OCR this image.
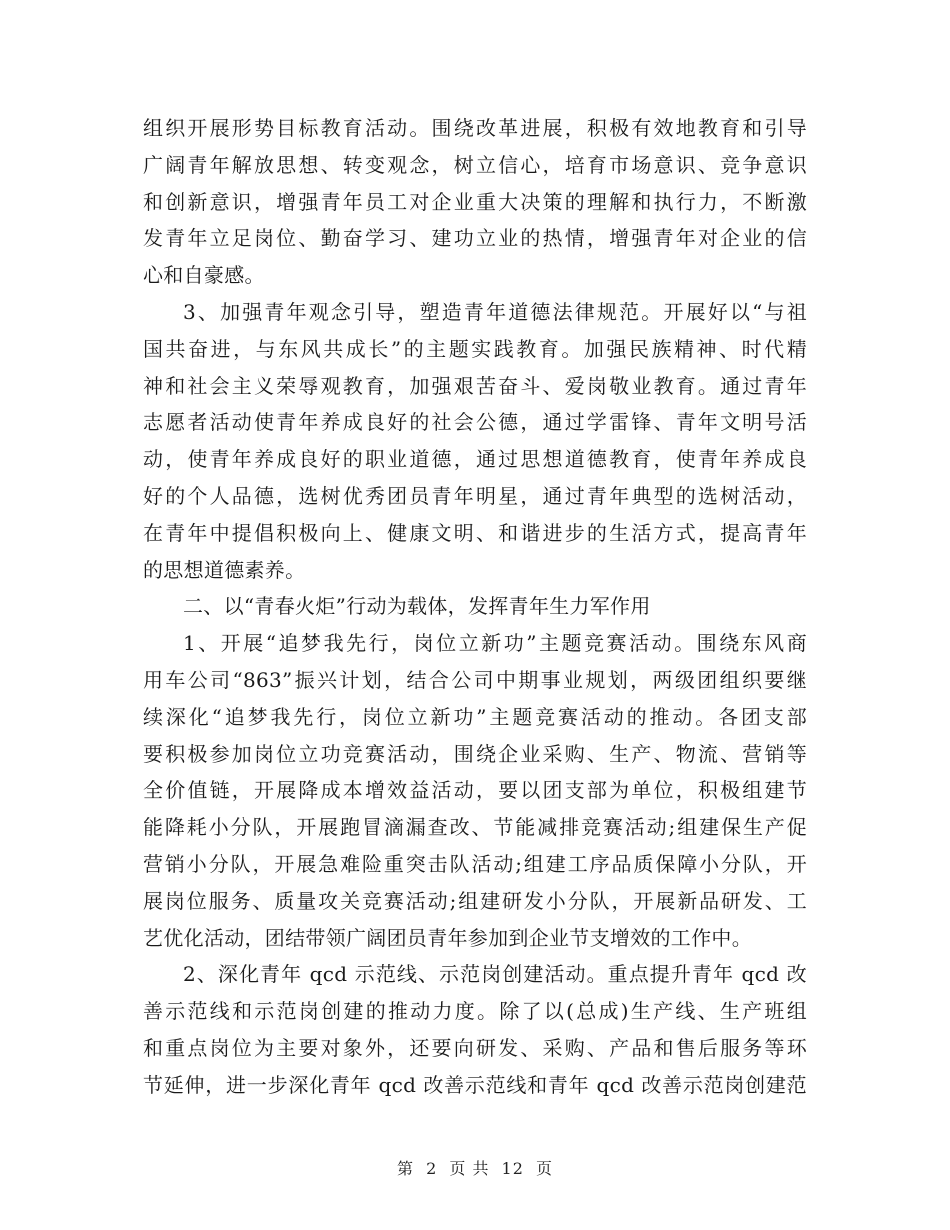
组织开展形势目标教育活动。围绕改革进展，积极有效地教育和引导
广阔青年解放思想、转变观念，树立信心，培育市场意识、竞争意识
和创新意识，增强青年员工对企业重大决策的理解和执行力，不断激
发青年立足岗位、勤奋学习、建功立业的热情，增强青年对企业的信
心和自豪感。
3、加强青年观念引导，塑造青年道德法律规范。开展好以“与祖
国共奋进，与东风共成长”的主题实践教育。加强民族精神、时代精
神和社会主义荣辱观教育，加强艰苦奋斗、爱岗敬业教育。通过青年
志愿者活动使青年养成良好的社会公德，通过学雷锋、青年文明号活
动，使青年养成良好的职业道德，通过思想道德教育，使青年养成良
好的个人品德，选树优秀团员青年明星，通过青年典型的选树活动，
在青年中提倡积极向上、健康文明、和谐进步的生活方式，提高青年
的思想道德素养。
二、以“青春火炬”行动为载体，发挥青年生力军作用
1、开展“追梦我先行，岗位立新功”主题竞赛活动。围绕东风商
用车公司“863”振兴计划，结合公司中期事业规划，两级团组织要继
续深化“追梦我先行，岗位立新功”主题竞赛活动的推动。各团支部
要积极参加岗位立功竞赛活动，围绕企业采购、生产、物流、营销等
全价值链，开展降成本增效益活动，要以团支部为单位，积极组建节
能降耗小分队，开展跑冒滴漏查改、节能减排竞赛活动;组建保生产促
营销小分队，开展急难险重突击队活动;组建工序品质保障小分队，开
展岗位服务、质量攻关竞赛活动;组建研发小分队，开展新品研发、工
艺优化活动，团结带领广阔团员青年参加到企业节支增效的工作中。
2、深化青年 qcd 示范线、示范岗创建活动。重点提升青年 qcd 改
善示范线和示范岗创建的推动力度。除了以(总成)生产线、生产班组
和重点岗位为主要对象外，还要向研发、采购、产品和售后服务等环
节延伸，进一步深化青年 qcd 改善示范线和青年 qcd 改善示范岗创建范
第 2 页 共 12 页
